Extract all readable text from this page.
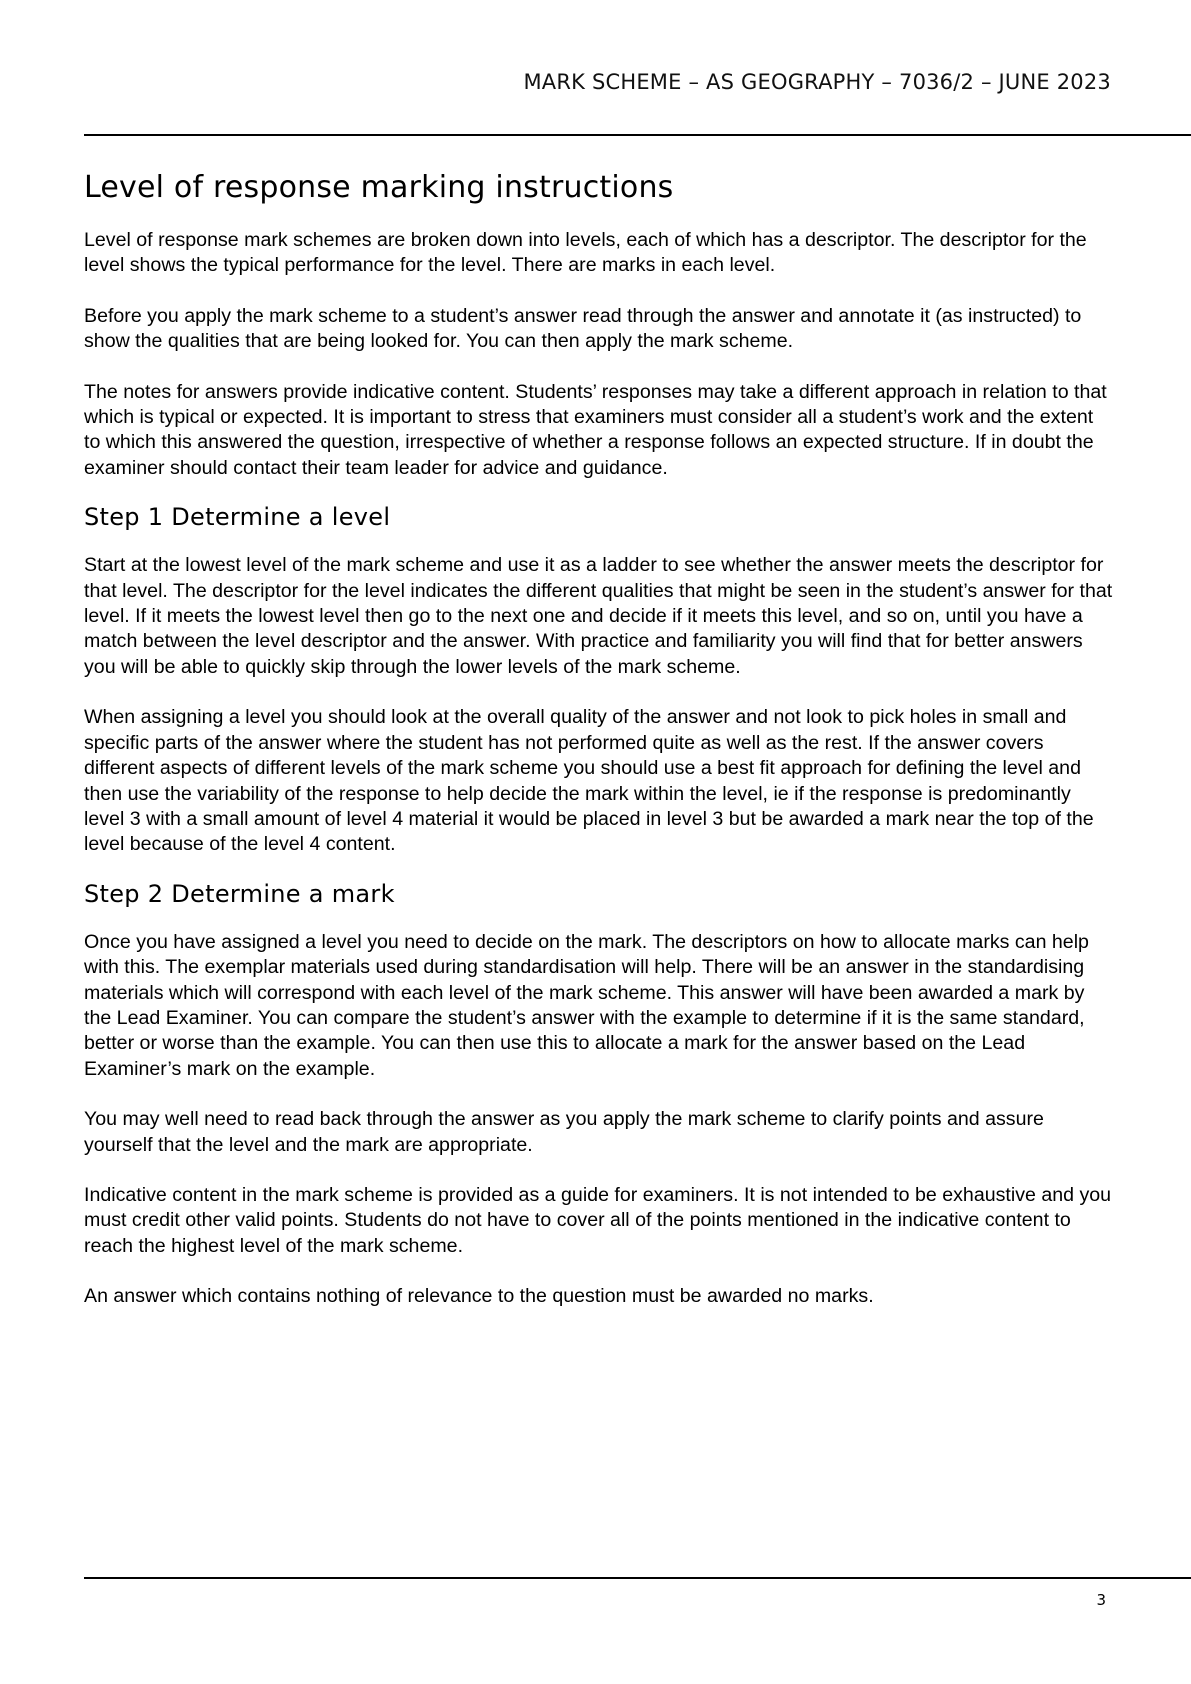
MARK SCHEME – AS GEOGRAPHY – 7036/2 – JUNE 2023
Level of response marking instructions

Level of response mark schemes are broken down into levels, each of which has a descriptor. The descriptor for the level shows the typical performance for the level. There are marks in each level.

Before you apply the mark scheme to a student’s answer read through the answer and annotate it (as instructed) to show the qualities that are being looked for. You can then apply the mark scheme.

The notes for answers provide indicative content. Students’ responses may take a different approach in relation to that which is typical or expected. It is important to stress that examiners must consider all a student’s work and the extent to which this answered the question, irrespective of whether a response follows an expected structure. If in doubt the examiner should contact their team leader for advice and guidance.

Step 1 Determine a level

Start at the lowest level of the mark scheme and use it as a ladder to see whether the answer meets the descriptor for that level. The descriptor for the level indicates the different qualities that might be seen in the student’s answer for that level. If it meets the lowest level then go to the next one and decide if it meets this level, and so on, until you have a match between the level descriptor and the answer. With practice and familiarity you will find that for better answers you will be able to quickly skip through the lower levels of the mark scheme.

When assigning a level you should look at the overall quality of the answer and not look to pick holes in small and specific parts of the answer where the student has not performed quite as well as the rest. If the answer covers different aspects of different levels of the mark scheme you should use a best fit approach for defining the level and then use the variability of the response to help decide the mark within the level, ie if the response is predominantly level 3 with a small amount of level 4 material it would be placed in level 3 but be awarded a mark near the top of the level because of the level 4 content.

Step 2 Determine a mark

Once you have assigned a level you need to decide on the mark. The descriptors on how to allocate marks can help with this. The exemplar materials used during standardisation will help. There will be an answer in the standardising materials which will correspond with each level of the mark scheme. This answer will have been awarded a mark by the Lead Examiner. You can compare the student’s answer with the example to determine if it is the same standard, better or worse than the example. You can then use this to allocate a mark for the answer based on the Lead Examiner’s mark on the example.

You may well need to read back through the answer as you apply the mark scheme to clarify points and assure yourself that the level and the mark are appropriate.

Indicative content in the mark scheme is provided as a guide for examiners. It is not intended to be exhaustive and you must credit other valid points. Students do not have to cover all of the points mentioned in the indicative content to reach the highest level of the mark scheme.

An answer which contains nothing of relevance to the question must be awarded no marks.

3
